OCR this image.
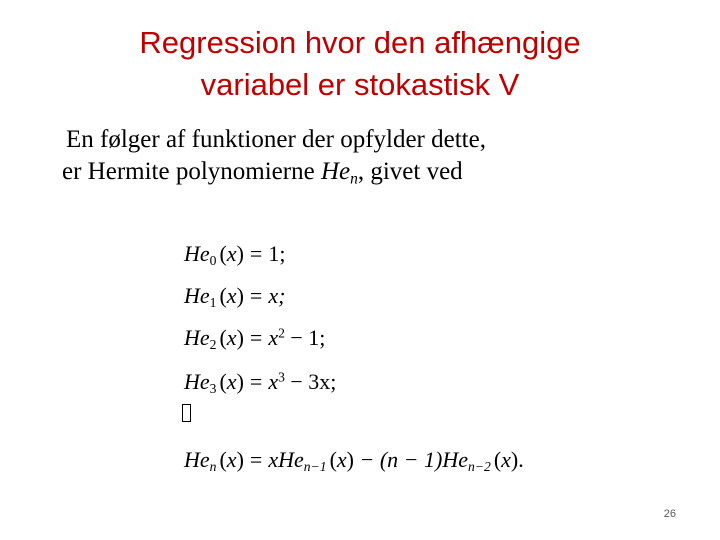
Regression hvor den afhængige
variabel er stokastisk V
En følger af funktioner der opfylder dette,
er Hermite polynomierne $He_n$, givet ved
$He_0$ (x) = 1;
$He_1$ (x) = x;
$He_2$ $(x) = x^2 - 1$;
$He_3$ $(x) = x^3 - 3x$;
$He_n$ (x) = xHe$_{n-1}$ $(x) - (n - 1)He_{n-2}$ (x).
26
